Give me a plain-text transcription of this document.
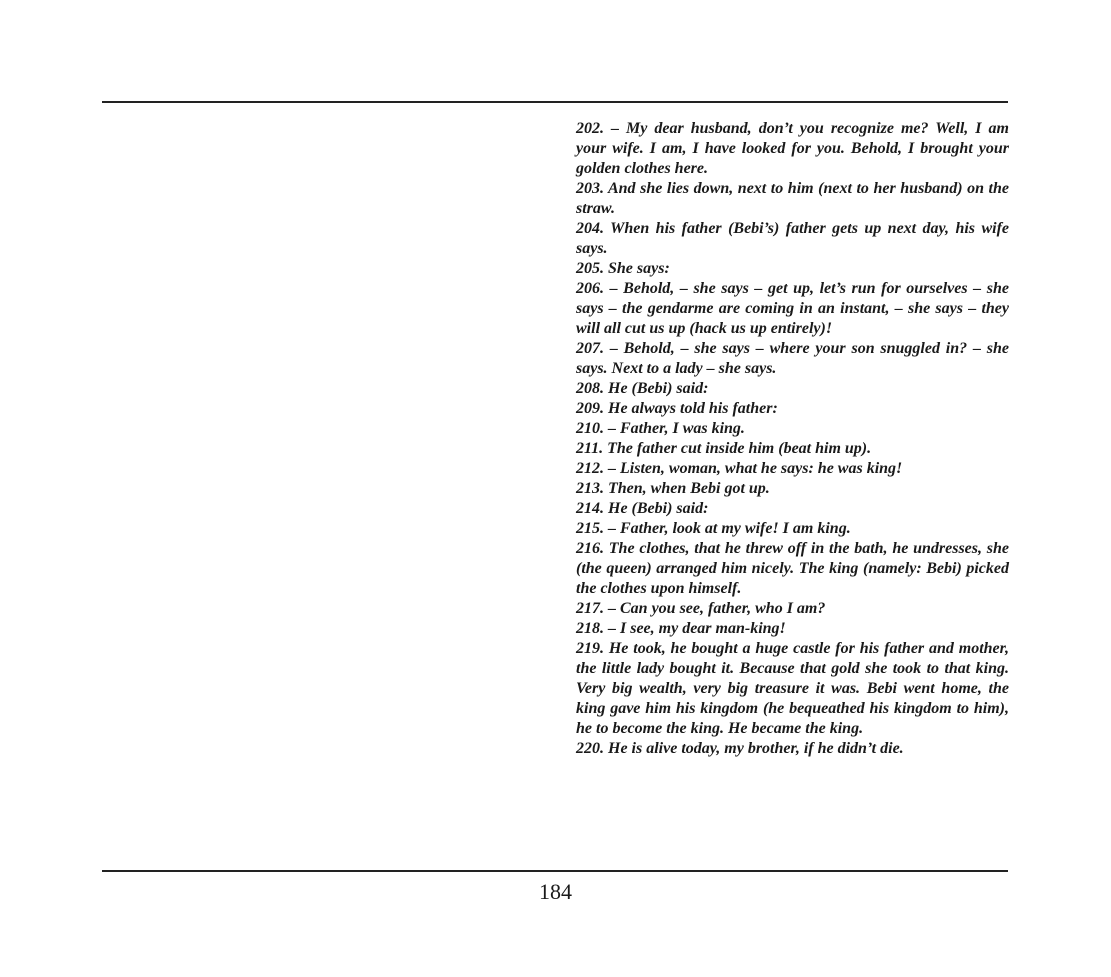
202. – My dear husband, don’t you recognize me? Well, I am your wife. I am, I have looked for you. Behold, I brought your golden clothes here.

203. And she lies down, next to him (next to her husband) on the straw.

204. When his father (Bebi’s) father gets up next day, his wife says.

205. She says:

206. – Behold, – she says – get up, let’s run for ourselves – she says – the gendarme are coming in an instant, – she says – they will all cut us up (hack us up entirely)!

207. – Behold, – she says – where your son snuggled in? – she says. Next to a lady – she says.

208. He (Bebi) said:

209. He always told his father:

210. – Father, I was king.

211. The father cut inside him (beat him up).

212. – Listen, woman, what he says: he was king!

213. Then, when Bebi got up.

214. He (Bebi) said:

215. – Father, look at my wife! I am king.

216. The clothes, that he threw off in the bath, he undresses, she (the queen) arranged him nicely. The king (namely: Bebi) picked the clothes upon himself.

217. – Can you see, father, who I am?

218. – I see, my dear man-king!

219. He took, he bought a huge castle for his father and mother, the little lady bought it. Because that gold she took to that king. Very big wealth, very big treasure it was. Bebi went home, the king gave him his kingdom (he bequeathed his kingdom to him), he to become the king. He became the king.

220. He is alive today, my brother, if he didn’t die.

184
